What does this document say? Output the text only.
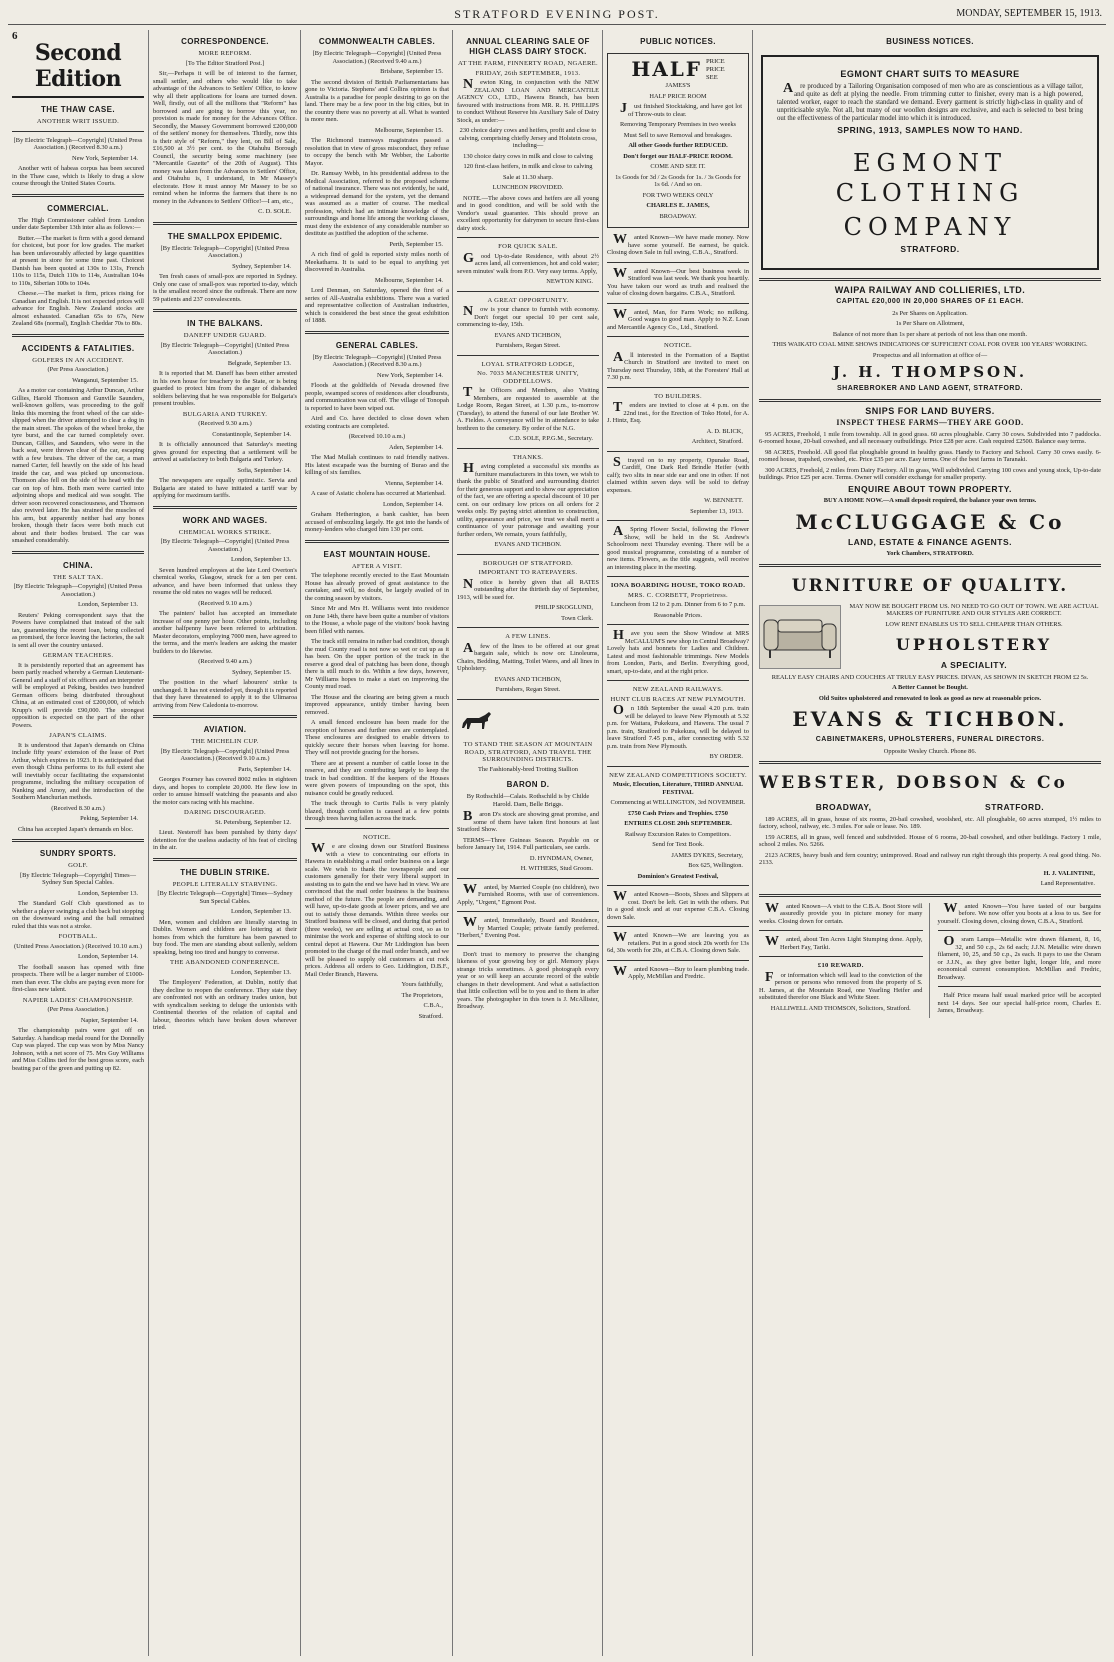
STRATFORD EVENING POST.	MONDAY, SEPTEMBER 15, 1913.
6
Second Edition
THE THAW CASE.
ANOTHER WRIT ISSUED.

[By Electric Telegraph—Copyright] (United Press Association.) (Received 8.30 a.m.)

New York, September 14.

Another writ of habeas corpus has been secured in the Thaw case, which is likely to drag a slow course through the United States Courts.

COMMERCIAL.

The High Commissioner cabled from London under date September 13th inter alia as follows:—

Butter.—The market is firm with a good demand for choicest, but poor for low grades. The market has been unfavourably affected by large quantities at present in store for some time past. Choicest Danish has been quoted at 130s to 131s, French 110s to 115s, Dutch 110s to 114s, Australian 104s to 110s, Siberian 100s to 104s.

Cheese.—The market is firm, prices rising for Canadian and English. It is not expected prices will advance for English. New Zealand stocks are almost exhausted. Canadian 65s to 67s, New Zealand 68s (normal), English Cheddar 70s to 80s.

ACCIDENTS & FATALITIES.
GOLFERS IN AN ACCIDENT.

(Per Press Association.)

Wanganui, September 15.

As a motor car containing Arthur Duncan, Arthur Gillies, Harold Thomson and Gunville Saunders, well-known golfers, was proceeding to the golf links this morning the front wheel of the car side-slipped when the driver attempted to clear a dog in the main street. The spokes of the wheel broke, the tyre burst, and the car turned completely over. Duncan, Gillies, and Saunders, who were in the back seat, were thrown clear of the car, escaping with a few bruises. The driver of the car, a man named Carter, fell heavily on the side of his head inside the car, and was picked up unconscious. Thomson also fell on the side of his head with the car on top of him. Both men were carried into adjoining shops and medical aid was sought. The driver soon recovered consciousness, and Thomson also revived later. He has strained the muscles of his arm, but apparently neither had any bones broken, though their faces were both much cut about and their bodies bruised. The car was smashed considerably.

CHINA.
THE SALT TAX.

[By Electric Telegraph—Copyright] (United Press Association.)

London, September 13.

Reuters' Peking correspondent says that the Powers have complained that instead of the salt tax, guaranteeing the recent loan, being collected as promised, the force leaving the factories, the salt is sent all over the country untaxed.

GERMAN TEACHERS.

It is persistently reported that an agreement has been partly reached whereby a German Lieutenant-General and a staff of six officers and an interpreter will be employed at Peking, besides two hundred German officers being distributed throughout China, at an estimated cost of £200,000, of which Krupp's will provide £90,000. The strongest opposition is expected on the part of the other Powers.

JAPAN'S CLAIMS.

It is understood that Japan's demands on China include fifty years' extension of the lease of Port Arthur, which expires in 1923. It is anticipated that even though China performs to its full extent she will inevitably occur facilitating the expansionist programme, including the military occupation of Nanking and Amoy, and the introduction of the Southern Manchurian methods.

(Received 8.30 a.m.)

Peking, September 14.

China has accepted Japan's demands en bloc.

SUNDRY SPORTS.
GOLF.

[By Electric Telegraph—Copyright] Times—Sydney Sun Special Cables.

London, September 13.

The Standard Golf Club questioned as to whether a player swinging a club back but stopping on the downward swing and the ball remained ruled that this was not a stroke.

FOOTBALL.

(United Press Association.) (Received 10.10 a.m.)

London, September 14.

The football season has opened with fine prospects. There will be a larger number of £1000-men than ever. The clubs are paying even more for first-class new talent.

NAPIER LADIES' CHAMPIONSHIP.

(Per Press Association.)

Napier, September 14.

The championship pairs were got off on Saturday. A handicap medal round for the Donnelly Cup was played. The cup was won by Miss Nancy Johnson, with a net score of 75. Mrs Guy Williams and Miss Collins tied for the best gross score, each beating par of the green and putting up 82.

CORRESPONDENCE.
MORE REFORM.

[To The Editor Stratford Post.]

Sir,—Perhaps it will be of interest to the farmer, small settler, and others who would like to take advantage of the Advances to Settlers' Office, to know why all their applications for loans are turned down. Well, firstly, out of all the millions that "Reform" has borrowed and are going to borrow this year, no provision is made for money for the Advances Office. Secondly, the Massey Government borrowed £200,000 of the settlers' money for themselves. Thirdly, now this is their style of "Reform," they lent, on Bill of Sale, £16,500 at 3½ per cent. to the Otahuhu Borough Council, the security being some machinery (see "Mercantile Gazette" of the 20th of August). This money was taken from the Advances to Settlers' Office, and Otahuhu is, I understand, in Mr Massey's electorate. How it must annoy Mr Massey to be so remind when he informs the farmers that there is no money in the Advances to Settlers' Office!—I am, etc.,

C. D. SOLE.

THE SMALLPOX EPIDEMIC.

[By Electric Telegraph—Copyright] (United Press Association.)

Sydney, September 14.

Ten fresh cases of small-pox are reported in Sydney. Only one case of small-pox was reported to-day, which is the smallest record since the outbreak. There are now 59 patients and 237 convalescents.

IN THE BALKANS.
DANEFF UNDER GUARD.

[By Electric Telegraph—Copyright] (United Press Association.)

Belgrade, September 13.

It is reported that M. Daneff has been either arrested in his own house for treachery to the State, or is being guarded to protect him from the anger of disbanded soldiers believing that he was responsible for Bulgaria's present troubles.

BULGARIA AND TURKEY.

(Received 9.30 a.m.)

Constantinople, September 14.

It is officially announced that Saturday's meeting gives ground for expecting that a settlement will be arrived at satisfactory to both Bulgaria and Turkey.

Sofia, September 14.

The newspapers are equally optimistic. Servia and Bulgaria are stated to have initiated a tariff war by applying for maximum tariffs.

WORK AND WAGES.
CHEMICAL WORKS STRIKE.

[By Electric Telegraph—Copyright] (United Press Association.)

London, September 13.

Seven hundred employees at the late Lord Overton's chemical works, Glasgow, struck for a ten per cent. advance, and have been informed that unless they resume the old rates no wages will be reduced.

(Received 9.10 a.m.)

The painters' ballot has accepted an immediate increase of one penny per hour. Other points, including another halfpenny have been referred to arbitration. Master decorators, employing 7000 men, have agreed to the terms, and the men's leaders are asking the master builders to do likewise.

(Received 9.40 a.m.)

Sydney, September 15.

The position in the wharf labourers' strike is unchanged. It has not extended yet, though it is reported that they have threatened to apply it to the Ulimaroa arriving from New Caledonia to-morrow.

AVIATION.
THE MICHELIN CUP.

[By Electric Telegraph—Copyright] (United Press Association.) (Received 9.10 a.m.)

Paris, September 14.

Georges Fourney has covered 8002 miles in eighteen days, and hopes to complete 20,000. He flew low in order to amuse himself watching the peasants and also the motor cars racing with his machine.

DARING DISCOURAGED.

St. Petersburg, September 12.

Lieut. Nesteroff has been punished by thirty days' detention for the useless audacity of his feat of circling in the air.

THE DUBLIN STRIKE.
PEOPLE LITERALLY STARVING.

[By Electric Telegraph—Copyright] Times—Sydney Sun Special Cables.

London, September 13.

Men, women and children are literally starving in Dublin. Women and children are loitering at their homes from which the furniture has been pawned to buy food. The men are standing about sullenly, seldom speaking, being too tired and hungry to converse.

THE ABANDONED CONFERENCE.

London, September 13.

The Employers' Federation, at Dublin, notify that they decline to reopen the conference. They state they are confronted not with an ordinary trades union, but with syndicalism seeking to deluge the unionists with Continental theories of the relation of capital and labour, theories which have broken down wherever tried.

COMMONWEALTH CABLES.

[By Electric Telegraph—Copyright] (United Press Association.) (Received 9.40 a.m.)

Brisbane, September 15.

The second division of British Parliamentarians has gone to Victoria. Stephens' and Collins opinion is that Australia is a paradise for people desiring to go on the land. There may be a few poor in the big cities, but in the country there was no poverty at all. What is wanted is more men.

Melbourne, September 15.

The Richmond tramways magistrates passed a resolution that in view of gross misconduct, they refuse to occupy the bench with Mr Webber, the Laborite Mayor.

Dr. Ramsay Webb, in his presidential address to the Medical Association, referred to the proposed scheme of national insurance. There was not evidently, he said, a widespread demand for the system, yet the demand was assumed as a matter of course. The medical profession, which had an intimate knowledge of the surroundings and home life among the working classes, must deny the existence of any considerable number so destitute as justified the adoption of the scheme.

Perth, September 15.

A rich find of gold is reported sixty miles north of Meekatharra. It is said to be equal to anything yet discovered in Australia.

Melbourne, September 14.

Lord Denman, on Saturday, opened the first of a series of All-Australia exhibitions. There was a varied and representative collection of Australian industries, which is considered the best since the great exhibition of 1888.

GENERAL CABLES.

[By Electric Telegraph—Copyright] (United Press Association.) (Received 8.30 a.m.)

New York, September 14.

Floods at the goldfields of Nevada drowned five people, swamped scores of residences after cloudbursts, and communication was cut off. The village of Tonopah is reported to have been wiped out.

Aird and Co. have decided to close down when existing contracts are completed.

(Received 10.10 a.m.)

Aden, September 14.

The Mad Mullah continues to raid friendly natives. His latest escapade was the burning of Burao and the killing of six families.

Vienna, September 14.

A case of Asiatic cholera has occurred at Marienbad.

London, September 14.

Graham Hetherington, a bank cashier, has been accused of embezzling largely. He got into the hands of money-lenders who charged him 130 per cent.

EAST MOUNTAIN HOUSE.
AFTER A VISIT.

The telephone recently erected to the East Mountain House has already proved of great assistance to the caretaker, and will, no doubt, be largely availed of in the coming season by visitors.

Since Mr and Mrs H. Williams went into residence on June 14th, there have been quite a number of visitors to the House, a whole page of the visitors' book having been filled with names.

The track still remains in rather bad condition, though the mud County road is not now so wet or cut up as it has been. On the upper portion of the track in the reserve a good deal of patching has been done, though there is still much to do. Within a few days, however, Mr Williams hopes to make a start on improving the County mud road.

The House and the clearing are being given a much improved appearance, untidy timber having been removed.

A small fenced enclosure has been made for the reception of horses and further ones are contemplated. These enclosures are designed to enable drivers to quickly secure their horses when leaving for home. They will not provide grazing for the horses.

There are at present a number of cattle loose in the reserve, and they are contributing largely to keep the track in bad condition. If the keepers of the Houses were given powers of impounding on the spot, this nuisance could be greatly reduced.

The track through to Curtis Falls is very plainly blazed, though confusion is caused at a few points through trees having fallen across the track.

NOTICE.

We are closing down our Stratford Business with a view to concentrating our efforts in Hawera in establishing a mail order business on a large scale. We wish to thank the townspeople and our customers generally for their very liberal support in assisting us to gain the end we have had in view. We are convinced that the mail order business is the business method of the future. The people are demanding, and will have, up-to-date goods at lower prices, and we are out to satisfy those demands. Within three weeks our Stratford business will be closed, and during that period (three weeks), we are selling at actual cost, so as to minimise the work and expense of shifting stock to our central depot at Hawera. Our Mr Liddington has been promoted to the charge of the mail order branch, and we will be pleased to supply old customers at cut rock prices. Address all orders to Geo. Liddington, D.B.F., Mail Order Branch, Hawera.

Yours faithfully,

The Proprietors,

C.B.A.,

Stratford.

ANNUAL CLEARING SALE OF HIGH CLASS DAIRY STOCK.
AT THE FARM, FINNERTY ROAD, NGAERE.
FRIDAY, 26th SEPTEMBER, 1913.

Newton King, in conjunction with the NEW ZEALAND LOAN AND MERCANTILE AGENCY CO., LTD., Hawera Branch, has been favoured with instructions from MR. R. H. PHILLIPS to conduct Without Reserve his Auxiliary Sale of Dairy Stock, as under:—

230 choice dairy cows and heifers, profit and close to calving, comprising chiefly Jersey and Holstein cross, including—

130 choice dairy cows in milk and close to calving

120 first-class heifers, in milk and close to calving

Sale at 11.30 sharp.

LUNCHEON PROVIDED.

NOTE.—The above cows and heifers are all young and in good condition, and will be sold with the Vendor's usual guarantee. This should prove an excellent opportunity for dairymen to secure first-class dairy stock.

FOR QUICK SALE.

Good Up-to-date Residence, with about 2½ acres land, all conveniences, hot and cold water; seven minutes' walk from P.O. Very easy terms. Apply,

NEWTON KING.

A GREAT OPPORTUNITY.

Now is your chance to furnish with economy. Don't forget our special 10 per cent sale, commencing to-day, 15th.

EVANS AND TICHBON,

Furnishers, Regan Street.

LOYAL STRATFORD LODGE,
No. 7033 MANCHESTER UNITY, ODDFELLOWS.

The Officers and Members, also Visiting Members, are requested to assemble at the Lodge Room, Regan Street, at 1.30 p.m., to-morrow (Tuesday), to attend the funeral of our late Brother W. A. Fieldes. A conveyance will be in attendance to take brethren to the cemetery. By order of the N.G.

C.D. SOLE, P.P.G.M., Secretary.

THANKS.

Having completed a successful six months as furniture manufacturers in this town, we wish to thank the public of Stratford and surrounding district for their generous support and to show our appreciation of the fact, we are offering a special discount of 10 per cent. on our ordinary low prices on all orders for 2 weeks only. By paying strict attention to construction, utility, appearance and price, we trust we shall merit a continuance of your patronage and awaiting your further orders, We remain, yours faithfully,

EVANS AND TICHBON.

BOROUGH OF STRATFORD.
IMPORTANT TO RATEPAYERS.

Notice is hereby given that all RATES outstanding after the thirtieth day of September, 1913, will be sued for.

PHILIP SKOGLUND,

Town Clerk.

A FEW LINES.

Afew of the lines to be offered at our great bargain sale, which is now on: Linoleums, Chairs, Bedding, Matting, Toilet Wares, and all lines in Upholstery.

EVANS AND TICHBON,

Furnishers, Regan Street.

TO STAND THE SEASON AT MOUNTAIN ROAD, STRATFORD, AND TRAVEL THE SURROUNDING DISTRICTS.

The Fashionably-bred Trotting Stallion

BARON D.

By Rothschild—Calais. Rothschild is by Childe Harold. Dam, Belle Briggs.

Baron D's stock are showing great promise, and some of them have taken first honours at last Stratford Show.

TERMS—Three Guineas Season. Payable on or before January 1st, 1914. Full particulars, see cards.

D. HYNDMAN, Owner,

H. WITHERS, Stud Groom.

Wanted, by Married Couple (no children), two Furnished Rooms, with use of conveniences. Apply, "Urgent," Egmont Post.

Wanted, Immediately, Board and Residence, by Married Couple; private family preferred. "Herbert," Evening Post.

Don't trust to memory to preserve the changing likeness of your growing boy or girl. Memory plays strange tricks sometimes. A good photograph every year or so will keep an accurate record of the subtle changes in their development. And what a satisfaction that little collection will be to you and to them in after years. The photographer in this town is J. McAllister, Broadway.

PUBLIC NOTICES.
HALF PRICE
PRICE
SEE

JAMES'S

HALF PRICE ROOM

Just finished Stocktaking, and have got lot of Throw-outs to clear.

Removing Temporary Premises in two weeks

Must Sell to save Removal and breakages.

All other Goods further REDUCED.

Don't forget our HALF-PRICE ROOM.

COME AND SEE IT.

1s Goods for 3d / 2s Goods for 1s. / 3s Goods for 1s 6d. / And so on.

FOR TWO WEEKS ONLY

CHARLES E. JAMES,

BROADWAY.

Wanted Known—We have made money. Now have some yourself. Be earnest, be quick. Closing down Sale in full swing, C.B.A., Stratford.

Wanted Known—Our best business week in Stratford was last week. We thank you heartily. You have taken our word as truth and realised the value of closing down bargains. C.B.A., Stratford.

Wanted, Man, for Farm Work; no milking. Good wages to good man. Apply to N.Z. Loan and Mercantile Agency Co., Ltd., Stratford.

NOTICE.

All interested in the Formation of a Baptist Church in Stratford are invited to meet on Thursday next Thursday, 18th, at the Foresters' Hall at 7.30 p.m.

TO BUILDERS.

Tenders are invited to close at 4 p.m. on the 22nd inst., for the Erection of Toko Hotel, for A. J. Hintz, Esq.

A. D. BLICK,

Architect, Stratford.

Strayed on to my property, Opunake Road, Cardiff, One Dark Red Brindle Heifer (with calf); two slits in near side ear and one in other. If not claimed within seven days will be sold to defray expenses.

W. BENNETT.

September 13, 1913.

ASpring Flower Social, following the Flower Show, will be held in the St. Andrew's Schoolroom next Thursday evening. There will be a good musical programme, consisting of a number of new items. Flowers, as the title suggests, will receive an interesting place in the meeting.

IONA BOARDING HOUSE, TOKO ROAD.
MRS. C. CORBETT, Proprietress.

Luncheon from 12 to 2 p.m. Dinner from 6 to 7 p.m.

Reasonable Prices.

Have you seen the Show Window at MRS McCALLUM'S new shop in Central Broadway? Lovely hats and bonnets for Ladies and Children. Latest and most fashionable trimmings. New Models from London, Paris, and Berlin. Everything good, smart, up-to-date, and at the right price.

NEW ZEALAND RAILWAYS.
HUNT CLUB RACES AT NEW PLYMOUTH.

On 18th September the usual 4.20 p.m. train will be delayed to leave New Plymouth at 5.32 p.m. for Waitara, Pukekura, and Hawera. The usual 7 p.m. train, Stratford to Pukekura, will be delayed to leave Stratford 7.45 p.m., after connecting with 5.32 p.m. train from New Plymouth.

BY ORDER.

NEW ZEALAND COMPETITIONS SOCIETY.

Music, Elocution, Literature, THIRD ANNUAL FESTIVAL

Commencing at WELLINGTON, 3rd NOVEMBER.

£750 Cash Prizes and Trophies. £750

ENTRIES CLOSE 20th SEPTEMBER.

Railway Excursion Rates to Competitors.

Send for Text Book.

JAMES DYKES, Secretary,

Box 625, Wellington.

Dominion's Greatest Festival,

Wanted Known—Boots, Shoes and Slippers at cost. Don't be left. Get in with the others. Put in a good stock and at our expense C.B.A. Closing down Sale.

Wanted Known—We are leaving you as retailers. Put in a good stock 20s worth for 13s 6d, 30s worth for 20s, at C.B.A. Closing down Sale.

Wanted Known—Buy to learn plumbing trade. Apply, McMillan and Fredric.

BUSINESS NOTICES.
EGMONT CHART SUITS TO MEASURE

Are produced by a Tailoring Organisation composed of men who are as conscientious as a village tailor, and quite as deft at plying the needle. From trimming cutter to finisher, every man is a high powered, talented worker, eager to reach the standard we demand. Every garment is strictly high-class in quality and of unpriticisable style. Not all, but many of our woollen designs are exclusive, and each is selected to best bring out the effectiveness of the particular model into which it is introduced.

SPRING, 1913, SAMPLES NOW TO HAND.
EGMONT CLOTHING
COMPANY
STRATFORD.
WAIPA RAILWAY AND COLLIERIES, LTD.
CAPITAL £20,000 IN 20,000 SHARES OF £1 EACH.

2s Per Shares on Application.

1s Per Share on Allotment,

Balance of not more than 1s per share at periods of not less than one month.

THIS WAIKATO COAL MINE SHOWS INDICATIONS OF SUFFICIENT COAL FOR OVER 100 YEARS' WORKING.

Prospectus and all information at office of—

J. H. THOMPSON.
SHAREBROKER AND LAND AGENT, STRATFORD.
SNIPS FOR LAND BUYERS.
INSPECT THESE FARMS—THEY ARE GOOD.

95 ACRES, Freehold, 1 mile from township. All in good grass. 60 acres ploughable. Carry 30 cows. Subdivided into 7 paddocks. 6-roomed house, 20-bail cowshed, and all necessary outbuildings. Price £28 per acre. Cash required £2500. Balance easy terms.

98 ACRES, Freehold. All good flat ploughable ground in healthy grass. Handy to Factory and School. Carry 30 cows easily. 6-roomed house, trapshed, cowshed, etc. Price £35 per acre. Easy terms. One of the best farms in Taranaki.

300 ACRES, Freehold, 2 miles from Dairy Factory. All in grass, Well subdivided. Carrying 100 cows and young stock, Up-to-date buildings. Price £25 per acre. Terms. Owner will consider exchange for smaller property.

ENQUIRE ABOUT TOWN PROPERTY.

BUY A HOME NOW.—A small deposit required, the balance your own terms.

McCLUGGAGE & Co
LAND, ESTATE & FINANCE AGENTS.

York Chambers, STRATFORD.

URNITURE OF QUALITY.

MAY NOW BE BOUGHT FROM US. NO NEED TO GO OUT OF TOWN. WE ARE ACTUAL MAKERS OF FURNITURE AND OUR STYLES ARE CORRECT.

LOW RENT ENABLES US TO SELL CHEAPER THAN OTHERS.

UPHOLSTERY
A SPECIALITY.

REALLY EASY CHAIRS AND COUCHES AT TRULY EASY PRICES. DIVAN, AS SHOWN IN SKETCH FROM £2 5s.

A Better Cannot be Bought.

Old Suites upholstered and renovated to look as good as new at reasonable prices.

EVANS & TICHBON.
CABINETMAKERS, UPHOLSTERERS, FUNERAL DIRECTORS.

Opposite Wesley Church. Phone 86.

WEBSTER, DOBSON & Co
BROADWAY,	STRATFORD.

189 ACRES, all in grass, house of six rooms, 20-bail cowshed, woolshed, etc. All ploughable, 60 acres stumped, 1½ miles to factory, school, railway, etc. 3 miles. For sale or lease. No. 189.

159 ACRES, all in grass, well fenced and subdivided. House of 6 rooms, 20-bail cowshed, and other buildings. Factory 1 mile, school 2 miles. No. 5266.

2123 ACRES, heavy bush and fern country; unimproved. Road and railway run right through this property. A real good thing. No. 2133.

H. J. VALINTINE,

Land Representative.

Wanted Known—A visit to the C.B.A. Boot Store will assuredly provide you in picture money for many weeks. Closing down for certain.

Wanted, about Ten Acres Light Stumping done. Apply, Herbert Fay, Tariki.

£10 REWARD.

For information which will lead to the conviction of the person or persons who removed from the property of S. H. James, at the Mountain Road, one Yearling Heifer and substituted therefor one Black and White Steer.

HALLIWELL AND THOMSON, Solicitors, Stratford.

Wanted Known—You have tasted of our bargains before. We now offer you boots at a loss to us. See for yourself. Closing down, closing down, C.B.A., Stratford.

Osram Lamps—Metallic wire drawn filament, 8, 16, 32, and 50 c.p., 2s 6d each; J.J.N. Metallic wire drawn filament, 10, 25, and 50 c.p., 2s each. It pays to use the Osram or J.J.N., as they give better light, longer life, and more economical current consumption. McMillan and Fredric, Broadway.

Half Price means half usual marked price will be accepted next 14 days. See our special half-price room, Charles E. James, Broadway.
